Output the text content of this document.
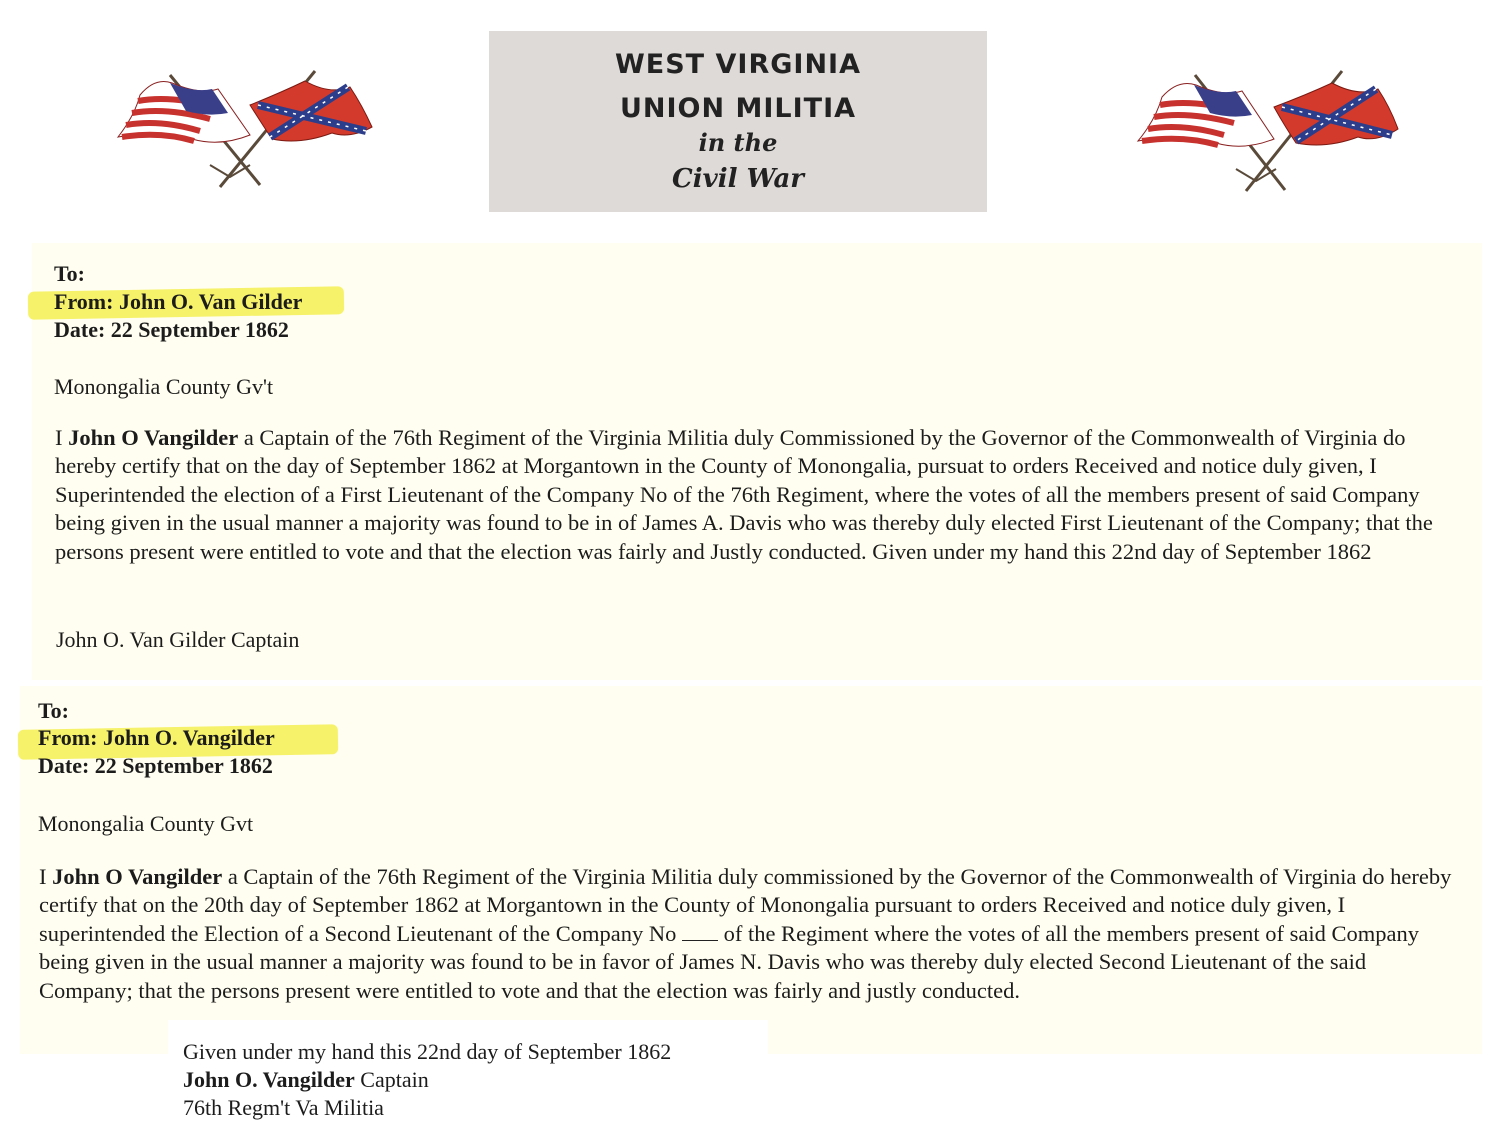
WEST VIRGINIA
UNION MILITIA
in the
Civil War
To:
From: John O. Van Gilder
Date: 22 September 1862
Monongalia County Gv't
I John O Vangilder a Captain of the 76th Regiment of the Virginia Militia duly Commissioned by the Governor of the Commonwealth of Virginia do hereby certify that on the day of September 1862 at Morgantown in the County of Monongalia, pursuat to orders Received and notice duly given, I Superintended the election of a First Lieutenant of the Company No of the 76th Regiment, where the votes of all the members present of said Company being given in the usual manner a majority was found to be in of James A. Davis who was thereby duly elected First Lieutenant of the Company; that the persons present were entitled to vote and that the election was fairly and Justly conducted. Given under my hand this 22nd day of September 1862
John O. Van Gilder Captain
To:
From: John O. Vangilder
Date: 22 September 1862
Monongalia County Gvt
I John O Vangilder a Captain of the 76th Regiment of the Virginia Militia duly commissioned by the Governor of the Commonwealth of Virginia do hereby certify that on the 20th day of September 1862 at Morgantown in the County of Monongalia pursuant to orders Received and notice duly given, I superintended the Election of a Second Lieutenant of the Company No  of the Regiment where the votes of all the members present of said Company being given in the usual manner a majority was found to be in favor of James N. Davis who was thereby duly elected Second Lieutenant of the said Company; that the persons present were entitled to vote and that the election was fairly and justly conducted.
Given under my hand this 22nd day of September 1862
John O. Vangilder Captain
76th Regm't Va Militia
